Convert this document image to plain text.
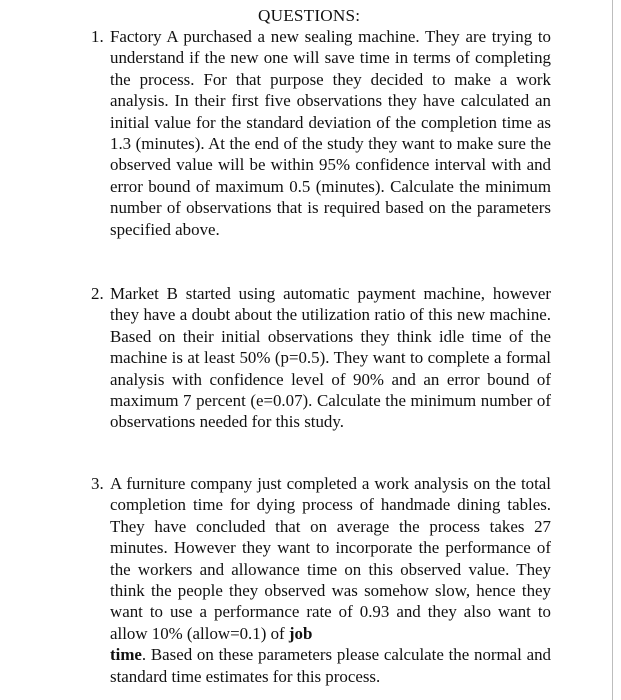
QUESTIONS:
1. Factory A purchased a new sealing machine. They are trying to understand if the new one will save time in terms of completing the process. For that purpose they decided to make a work analysis. In their first five observations they have calculated an initial value for the standard deviation of the completion time as 1.3 (minutes). At the end of the study they want to make sure the observed value will be within 95% confidence interval with and error bound of maximum 0.5 (minutes). Calculate the minimum number of observations that is required based on the parameters specified above.
2. Market B started using automatic payment machine, however they have a doubt about the utilization ratio of this new machine. Based on their initial observations they think idle time of the machine is at least 50% (p=0.5). They want to complete a formal analysis with confidence level of 90% and an error bound of maximum 7 percent (e=0.07). Calculate the minimum number of observations needed for this study.
3. A furniture company just completed a work analysis on the total completion time for dying process of handmade dining tables. They have concluded that on average the process takes 27 minutes. However they want to incorporate the performance of the workers and allowance time on this observed value. They think the people they observed was somehow slow, hence they want to use a performance rate of 0.93 and they also want to allow 10% (allow=0.1) of job
time. Based on these parameters please calculate the normal and standard time estimates for this process.
